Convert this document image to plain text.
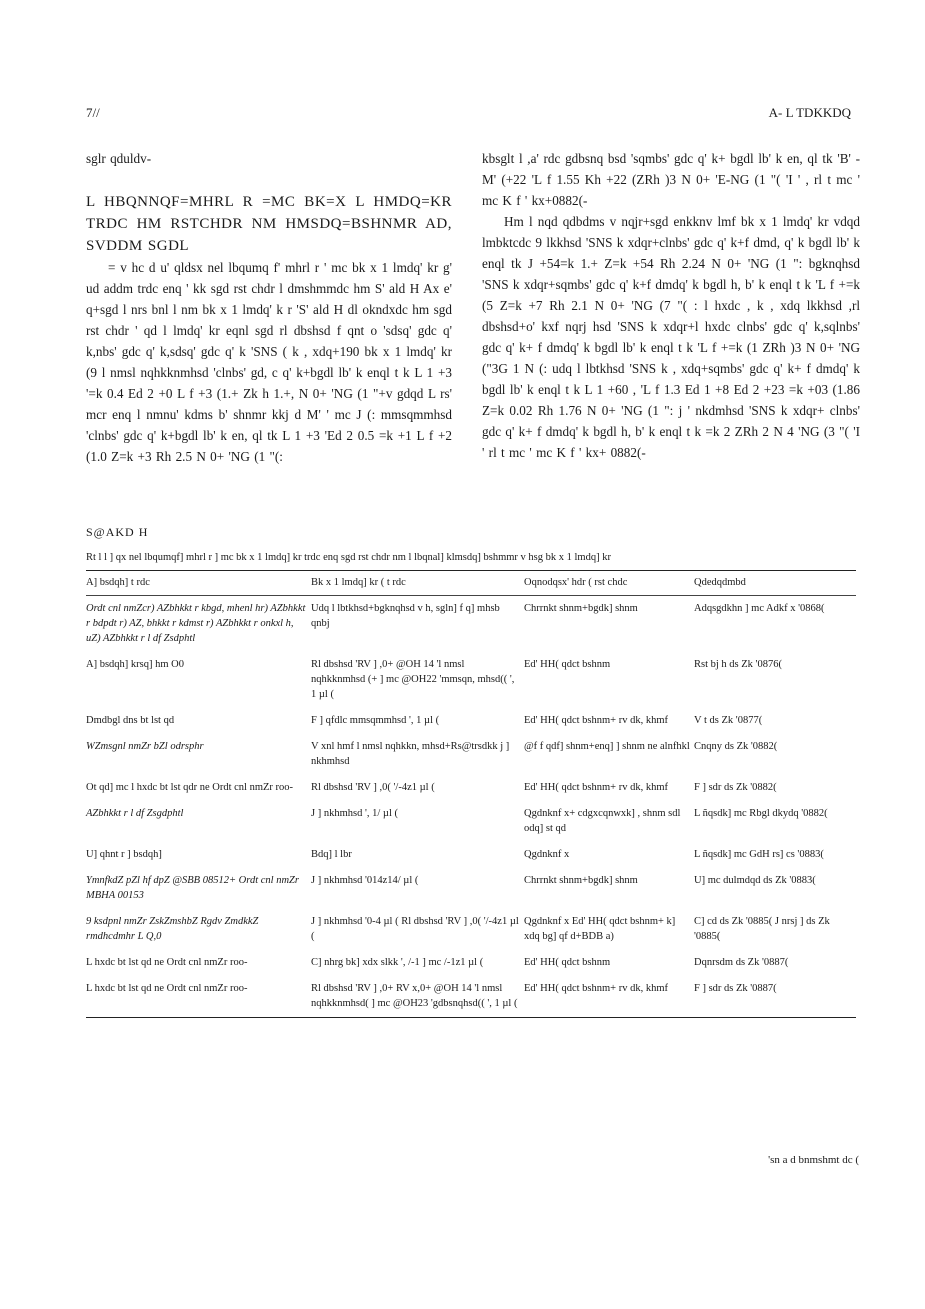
7//	A- L TDKKDQ

sglr qduldv-

L HBQNNQF=MHRL R =MC BK=X L HMDQ=KR TRDC HM RSTCHDR NM HMSDQ=BSHNMR AD, SVDDM SGDL

= v hc d u' qldsx nel lbqumq f' mhrl r ' mc bk x 1 lmdq' kr g' ud addm trdc enq ' kk sgd rst chdr l dmshmmdc hm S' ald H Ax e' q+sgd l nrs bnl l nm bk x 1 lmdq' k r 'S' ald H dl okndxdc hm sgd rst chdr ' qd l lmdq' kr eqnl sgd rl dbshsd f qnt o 'sdsq' gdc q' k,nbs' gdc q' k,sdsq' gdc q' k 'SNS ( k , xdq+190 bk x 1 lmdq' kr (9 l nmsl nqhkknmhsd 'clnbs' gd, c q' k+bgdl lb' k enql t k L 1 +3 '=k 0.4 Ed 2 +0 L f +3 (1.+ Zk h 1.+, N 0+ 'NG (1 "+v gdqd L rs' mcr enq l nmnu' kdms b' shnmr kkj d M' ' mc J (: mmsqmmhsd 'clnbs' gdc q' k+bgdl lb' k en, ql tk L 1 +3 'Ed 2 0.5 =k +1 L f +2 (1.0 Z=k +3 Rh 2.5 N 0+ 'NG (1 "(:

kbsglt l ,a' rdc gdbsnq bsd 'sqmbs' gdc q' k+ bgdl lb' k en, ql tk 'B' -M' (+22 'L f 1.55 Kh +22 (ZRh )3 N 0+ 'E-NG (1 "( 'I ' , rl t mc ' mc K f ' kx+0882(-

Hm l nqd qdbdms v nqjr+sgd enkknv lmf bk x 1 lmdq' kr vdqd lmbktcdc 9 lkkhsd 'SNS k xdqr+clnbs' gdc q' k+f dmd, q' k bgdl lb' k enql tk J +54=k 1.+ Z=k +54 Rh 2.24 N 0+ 'NG (1 ": bgknqhsd 'SNS k xdqr+sqmbs' gdc q' k+f dmdq' k bgdl h, b' k enql t k 'L f +=k (5 Z=k +7 Rh 2.1 N 0+ 'NG (7 "( : l hxdc , k , xdq lkkhsd ,rl dbshsd+o' kxf nqrj hsd 'SNS k xdqr+l hxdc clnbs' gdc q' k,sqlnbs' gdc q' k+ f dmdq' k bgdl lb' k enql t k 'L f +=k (1 ZRh )3 N 0+ 'NG ("3G 1 N (: udq l lbtkhsd 'SNS k , xdq+sqmbs' gdc q' k+ f dmdq' k bgdl lb' k enql t k L 1 +60 , 'L f 1.3 Ed 1 +8 Ed 2 +23 =k +03 (1.86 Z=k 0.02 Rh 1.76 N 0+ 'NG (1 ": j ' nkdmhsd 'SNS k xdqr+ clnbs' gdc q' k+ f dmdq' k bgdl h, b' k enql t k =k 2 ZRh 2 N 4 'NG (3 "( 'I ' rl t mc ' mc K f ' kx+ 0882(-

S@AKD H
Rt l l ] qx nel lbqumqf] mhrl r ] mc bk x 1 lmdq] kr trdc enq sgd rst chdr nm l lbqnal] klmsdq] bshmmr v hsg bk x 1 lmdq] kr
A] bsdqh] t rdc	Bk x 1 lmdq] kr ( t rdc	Oqnodqsx' hdr ( rst chdc	Qdedqdmbd
Ordt cnl nmZcr) AZbhkkt r kbgd, mhenl hr) AZbhkkt r bdpdt r) AZ, bhkkt r kdmst r) AZbhkkt r onkxl h, uZ) AZbhkkt r l df Zsdphtl	Udq l lbtkhsd+bgknqhsd v h, sgln] f q] mhsb qnbj	Chrrnkt shnm+bgdk] shnm	Adqsgdkhn ] mc Adkf x '0868(
A] bsdqh] krsq] hm O0	Rl dbshsd 'RV ] ,0+ @OH 14 'l nmsl nqhkknmhsd (+ ] mc @OH22 'mmsqn, mhsd(( ', 1 µl (	Ed' HH( qdct bshnm	Rst bj h ds Zk '0876(
Dmdbgl dns bt lst qd	F ] qfdlc mmsqmmhsd ', 1 µl (	Ed' HH( qdct bshnm+ rv dk, khmf	V t ds Zk '0877(
WZmsgnl nmZr bZl odrsphr	V xnl hmf l nmsl nqhkkn, mhsd+Rs@trsdkk j ] nkhmhsd	@f f qdf] shnm+enq] ] shnm ne alnfhkl	Cnqny ds Zk '0882(
Ot qd] mc l hxdc bt lst qdr ne Ordt cnl nmZr roo-	Rl dbshsd 'RV ] ,0( '/-4z1 µl (	Ed' HH( qdct bshnm+ rv dk, khmf	F ] sdr ds Zk '0882(
AZbhkkt r l df Zsgdphtl	J ] nkhmhsd ', 1/ µl (	Qgdnknf x+ cdgxcqnwxk] , shnm sdl odq] st qd	L ñqsdk] mc Rbgl dkydq '0882(
U] qhnt r ] bsdqh]	Bdq] l lbr	Qgdnknf x	L ñqsdk] mc GdH rs] cs '0883(
YmnfkdZ pZl hf dpZ @SBB 08512+ Ordt cnl nmZr MBHA 00153	J ] nkhmhsd '014z14/ µl (	Chrrnkt shnm+bgdk] shnm	U] mc dulmdqd ds Zk '0883(
9 ksdpnl nmZr ZskZmshbZ Rgdv ZmdkkZ rmdhcdmhr L Q,0	J ] nkhmhsd '0-4 µl ( Rl dbshsd 'RV ] ,0( '/-4z1 µl (	Qgdnknf x Ed' HH( qdct bshnm+ k] xdq bg] qf d+BDB a)	C] cd ds Zk '0885( J nrsj ] ds Zk '0885(
L hxdc bt lst qd ne Ordt cnl nmZr roo-	C] nhrg bk] xdx slkk ', /-1 ] mc /-1z1 µl (	Ed' HH( qdct bshnm	Dqnrsdm ds Zk '0887(
L hxdc bt lst qd ne Ordt cnl nmZr roo-	Rl dbshsd 'RV ] ,0+ RV x,0+ @OH 14 'l nmsl nqhkknmhsd( ] mc @OH23 'gdbsnqhsd(( ', 1 µl (	Ed' HH( qdct bshnm+ rv dk, khmf	F ] sdr ds Zk '0887(
'sn a d bnmshmt dc (
